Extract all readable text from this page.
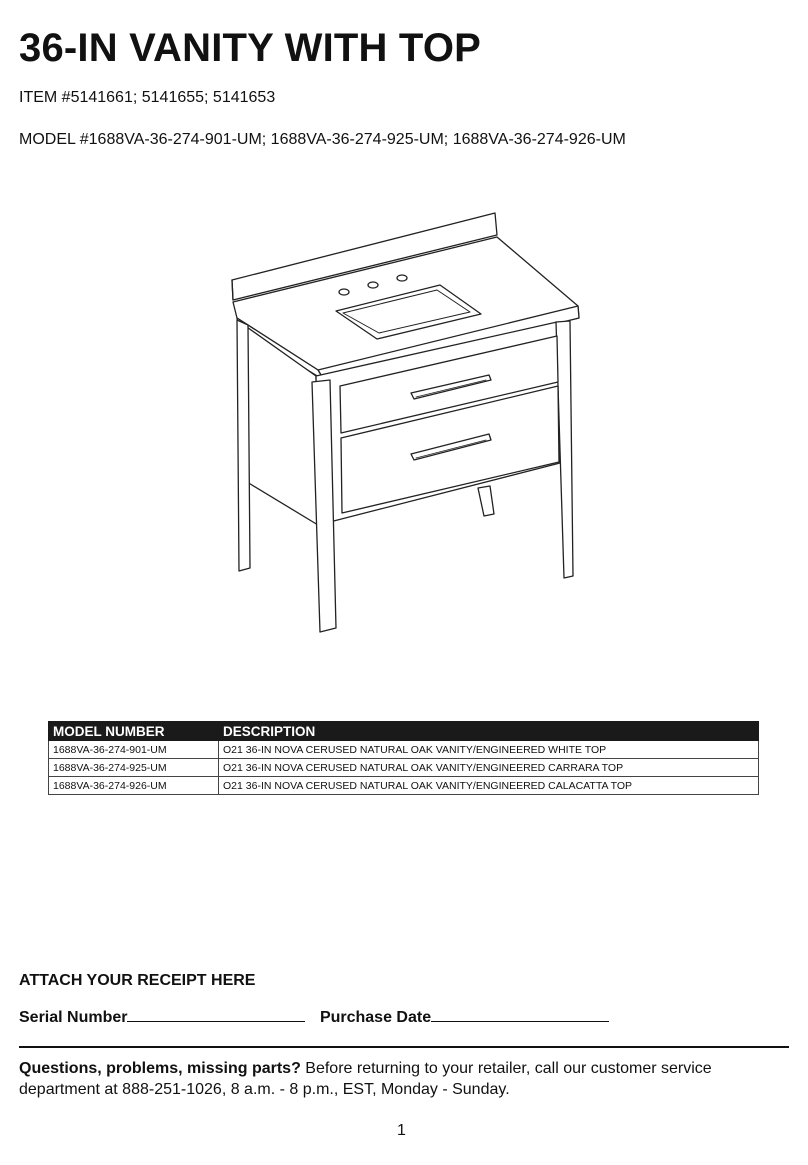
36-IN VANITY WITH TOP
ITEM #5141661; 5141655; 5141653
MODEL #1688VA-36-274-901-UM; 1688VA-36-274-925-UM; 1688VA-36-274-926-UM
MODEL NUMBER	DESCRIPTION
1688VA-36-274-901-UM	O21 36-IN NOVA CERUSED NATURAL OAK VANITY/ENGINEERED WHITE TOP
1688VA-36-274-925-UM	O21 36-IN NOVA CERUSED NATURAL OAK VANITY/ENGINEERED CARRARA TOP
1688VA-36-274-926-UM	O21 36-IN NOVA CERUSED NATURAL OAK VANITY/ENGINEERED CALACATTA TOP
ATTACH YOUR RECEIPT HERE
Serial Number	Purchase Date
Questions, problems, missing parts? Before returning to your retailer, call our customer service department at 888-251-1026, 8 a.m. - 8 p.m., EST, Monday - Sunday.
1
